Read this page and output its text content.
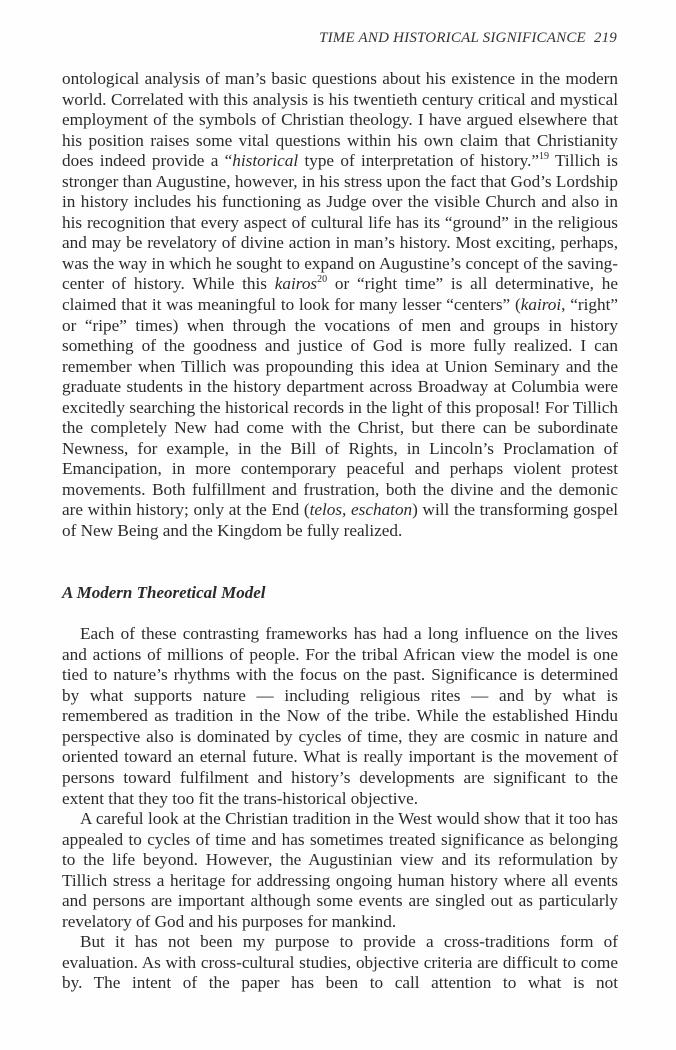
TIME AND HISTORICAL SIGNIFICANCE 219

ontological analysis of man’s basic questions about his existence in the modern world. Correlated with this analysis is his twentieth century critical and mystical employment of the symbols of Christian theology. I have argued elsewhere that his position raises some vital questions within his own claim that Christianity does indeed provide a “historical type of interpretation of history.”$^{19}$ Tillich is stronger than Augustine, however, in his stress upon the fact that God’s Lordship in history includes his functioning as Judge over the visible Church and also in his recognition that every aspect of cultural life has its “ground” in the religious and may be revelatory of divine action in man’s history. Most exciting, perhaps, was the way in which he sought to expand on Augustine’s concept of the saving-center of history. While this kairos$^{20}$ or “right time” is all determinative, he claimed that it was meaningful to look for many lesser “centers” (kairoi, “right” or “ripe” times) when through the vocations of men and groups in history something of the goodness and justice of God is more fully realized. I can remember when Tillich was propounding this idea at Union Seminary and the graduate students in the history department across Broadway at Columbia were excitedly searching the historical records in the light of this proposal! For Tillich the completely New had come with the Christ, but there can be subordinate Newness, for example, in the Bill of Rights, in Lincoln’s Proclamation of Emancipation, in more contemporary peaceful and perhaps violent protest movements. Both fulfillment and frustration, both the divine and the demonic are within history; only at the End (telos, eschaton) will the transforming gospel of New Being and the Kingdom be fully realized.

A Modern Theoretical Model

Each of these contrasting frameworks has had a long influence on the lives and actions of millions of people. For the tribal African view the model is one tied to nature’s rhythms with the focus on the past. Significance is determined by what supports nature — including religious rites — and by what is remembered as tradition in the Now of the tribe. While the established Hindu perspective also is dominated by cycles of time, they are cosmic in nature and oriented toward an eternal future. What is really important is the movement of persons toward fulfilment and history’s developments are significant to the extent that they too fit the trans-historical objective.

A careful look at the Christian tradition in the West would show that it too has appealed to cycles of time and has sometimes treated significance as belonging to the life beyond. However, the Augustinian view and its reformulation by Tillich stress a heritage for addressing ongoing human history where all events and persons are important although some events are singled out as particularly revelatory of God and his purposes for mankind.

But it has not been my purpose to provide a cross-traditions form of evaluation. As with cross-cultural studies, objective criteria are difficult to come by. The intent of the paper has been to call attention to what is not
